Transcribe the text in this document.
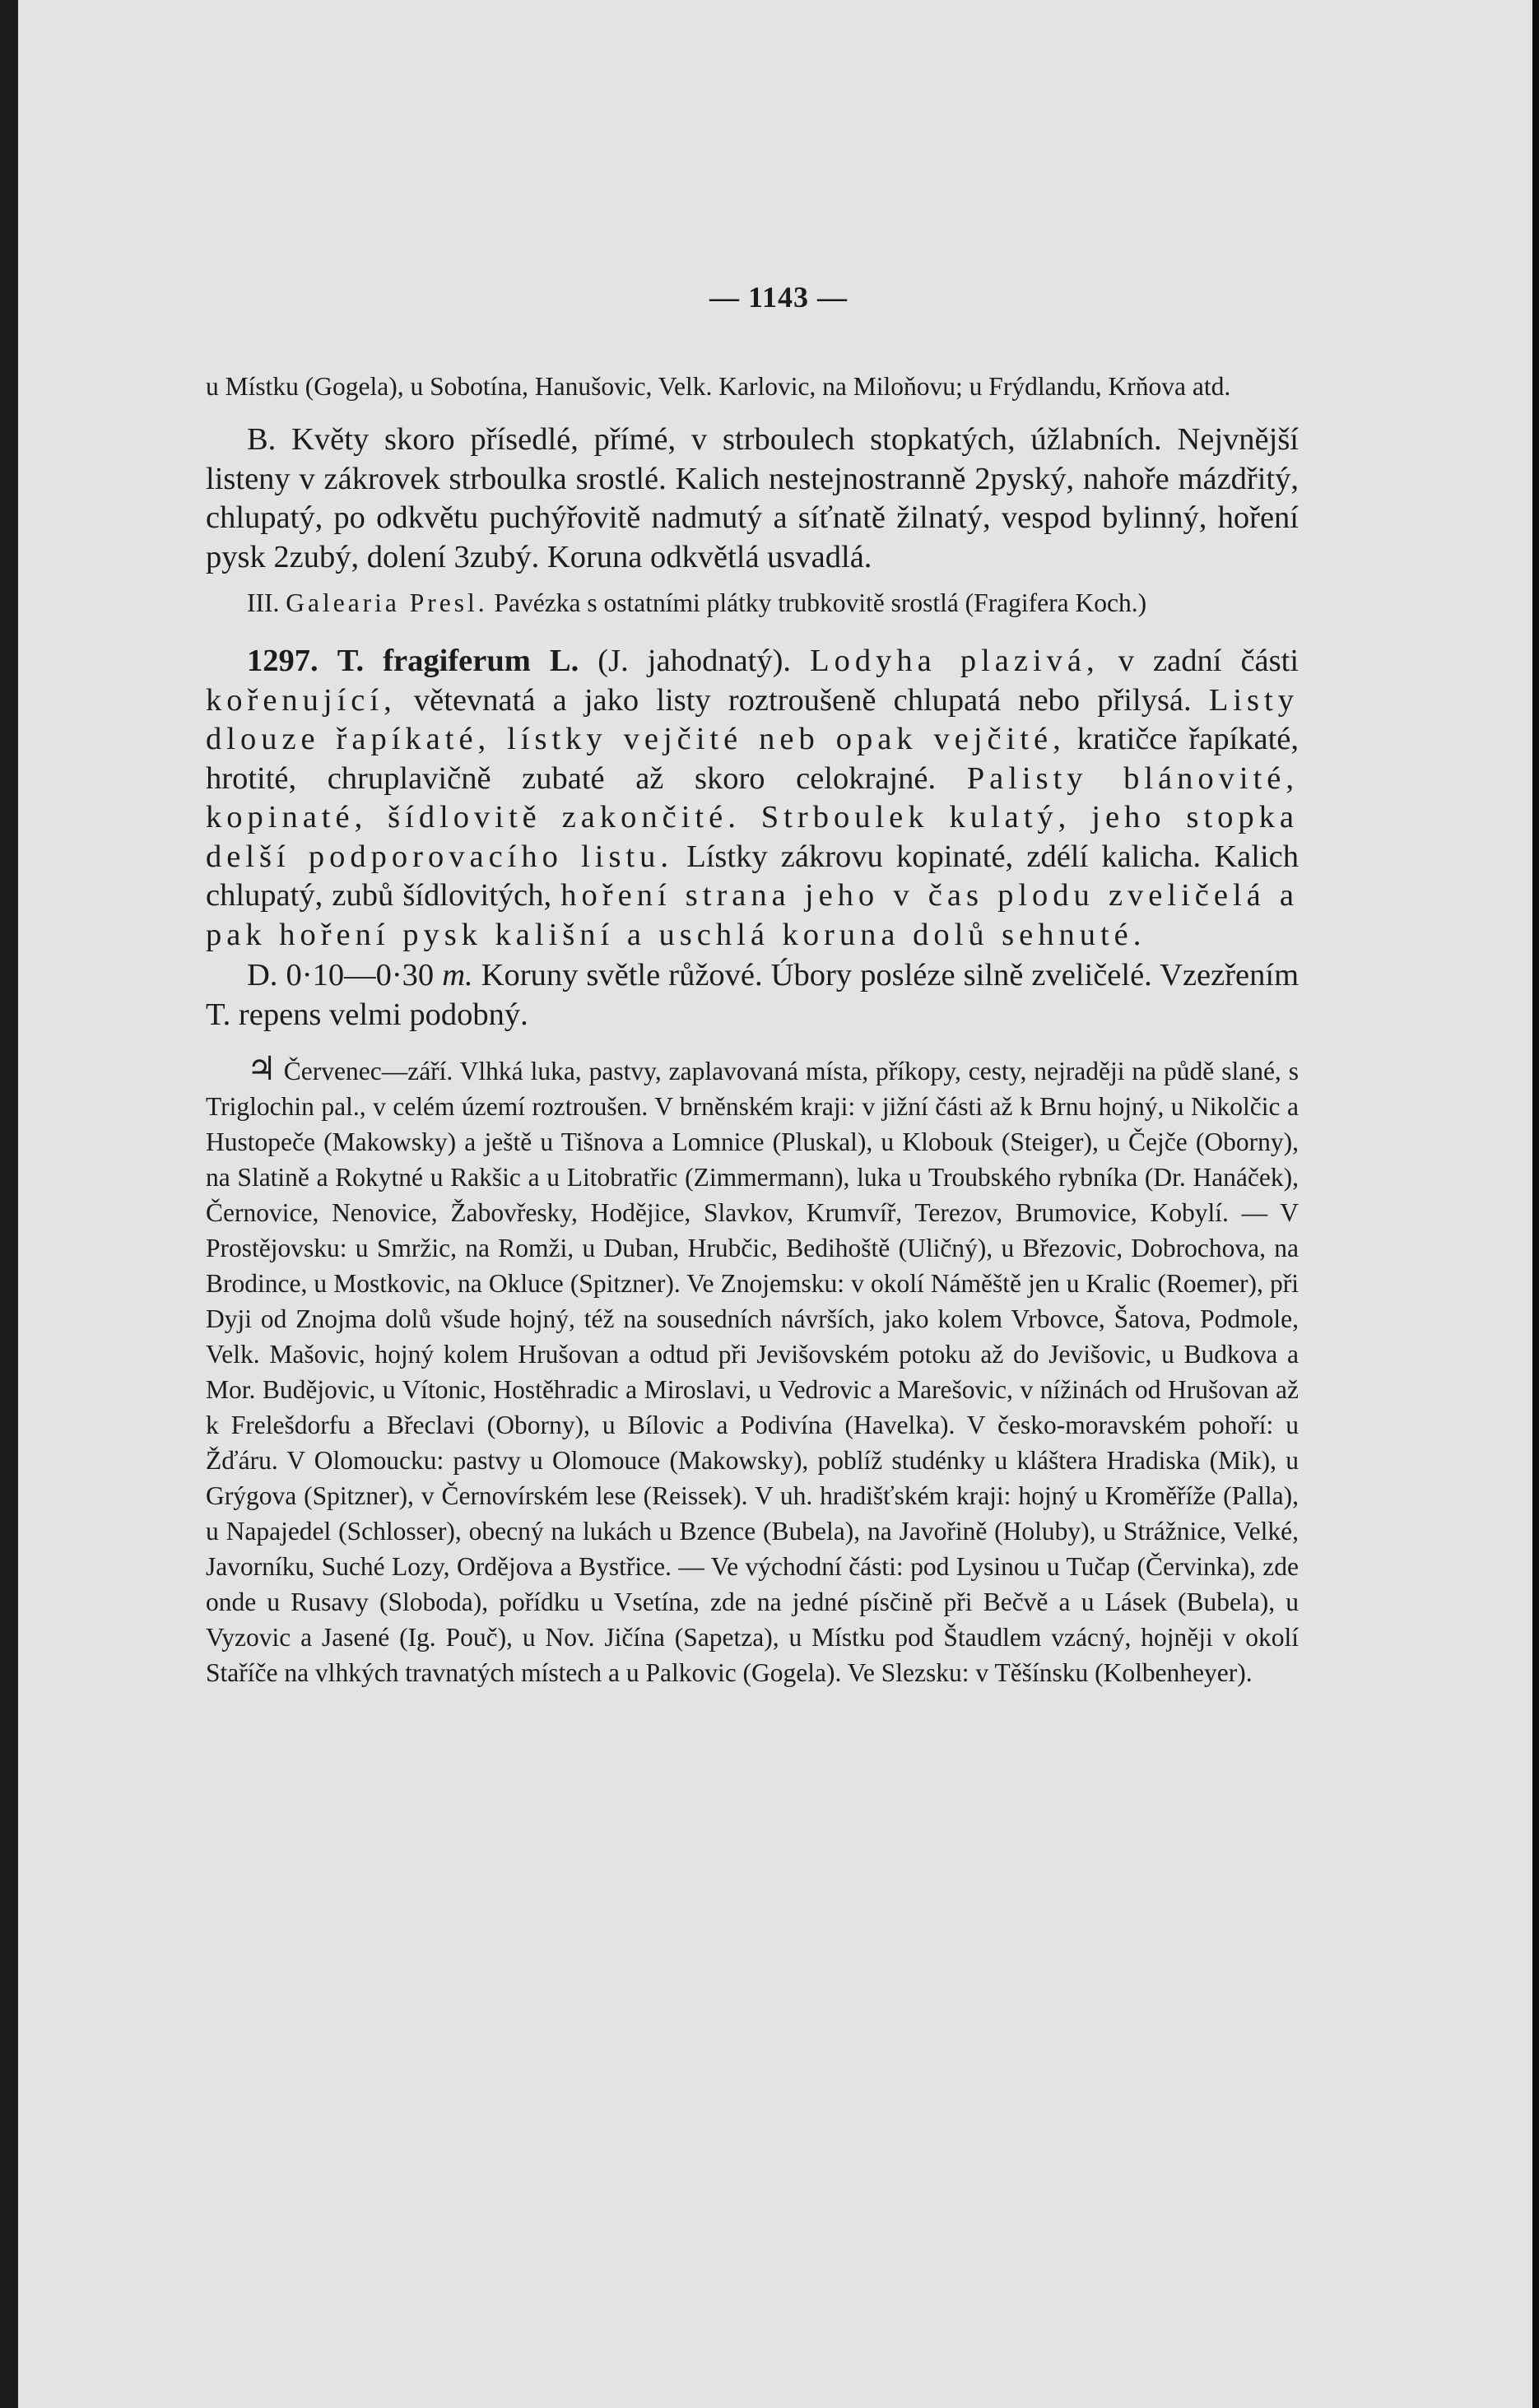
— 1143 —

u Místku (Gogela), u Sobotína, Hanušovic, Velk. Karlovic, na Miloňovu; u Frýdlandu, Krňova atd.

B. Květy skoro přísedlé, přímé, v strboulech stopkatých, úžlabních. Nejvnější listeny v zákrovek strboulka srostlé. Kalich nestejnostranně 2pyský, nahoře mázdřitý, chlupatý, po odkvětu puchýřovitě nadmutý a síťnatě žilnatý, vespod bylinný, hoření pysk 2zubý, dolení 3zubý. Koruna odkvětlá usvadlá.

III. Galearia Presl. Pavézka s ostatními plátky trubkovitě srostlá (Fragifera Koch.)

1297. T. fragiferum L. (J. jahodnatý). Lodyha plazivá, v zadní části kořenující, větevnatá a jako listy roztroušeně chlupatá nebo přilysá. Listy dlouze řapíkaté, lístky vejčité neb opak vejčité, kratičce řapíkaté, hrotité, chruplavičně zubaté až skoro celokrajné. Palisty blánovité, kopinaté, šídlovitě zakončité. Strboulek kulatý, jeho stopka delší podporovacího listu. Lístky zákrovu kopinaté, zdélí kalicha. Kalich chlupatý, zubů šídlovitých, hoření strana jeho v čas plodu zveličelá a pak hoření pysk kališní a uschlá koruna dolů sehnuté.

D. 0·10—0·30 m. Koruny světle růžové. Úbory posléze silně zveličelé. Vzezřením T. repens velmi podobný.

♃ Červenec—září. Vlhká luka, pastvy, zaplavovaná místa, příkopy, cesty, nejraději na půdě slané, s Triglochin pal., v celém území roztroušen. V brněnském kraji: v jižní části až k Brnu hojný, u Nikolčic a Hustopeče (Makowsky) a ještě u Tišnova a Lomnice (Pluskal), u Klobouk (Steiger), u Čejče (Oborny), na Slatině a Rokytné u Rakšic a u Litobratřic (Zimmermann), luka u Troubského rybníka (Dr. Hanáček), Černovice, Nenovice, Žabovřesky, Hodějice, Slavkov, Krumvíř, Terezov, Brumovice, Kobylí. — V Prostějovsku: u Smržic, na Romži, u Duban, Hrubčic, Bedihoště (Uličný), u Březovic, Dobrochova, na Brodince, u Mostkovic, na Okluce (Spitzner). Ve Znojemsku: v okolí Náměště jen u Kralic (Roemer), při Dyji od Znojma dolů všude hojný, též na sousedních návrších, jako kolem Vrbovce, Šatova, Podmole, Velk. Mašovic, hojný kolem Hrušovan a odtud při Jevišovském potoku až do Jevišovic, u Budkova a Mor. Budějovic, u Vítonic, Hostěhradic a Miroslavi, u Vedrovic a Marešovic, v nížinách od Hrušovan až k Frelešdorfu a Břeclavi (Oborny), u Bílovic a Podivína (Havelka). V česko-moravském pohoří: u Žďáru. V Olomoucku: pastvy u Olomouce (Makowsky), poblíž studénky u kláštera Hradiska (Mik), u Grýgova (Spitzner), v Černovírském lese (Reissek). V uh. hradišťském kraji: hojný u Kroměříže (Palla), u Napajedel (Schlosser), obecný na lukách u Bzence (Bubela), na Javořině (Holuby), u Strážnice, Velké, Javorníku, Suché Lozy, Ordějova a Bystřice. — Ve východní části: pod Lysinou u Tučap (Červinka), zde onde u Rusavy (Sloboda), pořídku u Vsetína, zde na jedné písčině při Bečvě a u Lásek (Bubela), u Vyzovic a Jasené (Ig. Pouč), u Nov. Jičína (Sapetza), u Místku pod Štaudlem vzácný, hojněji v okolí Staříče na vlhkých travnatých místech a u Palkovic (Gogela). Ve Slezsku: v Těšínsku (Kolbenheyer).
